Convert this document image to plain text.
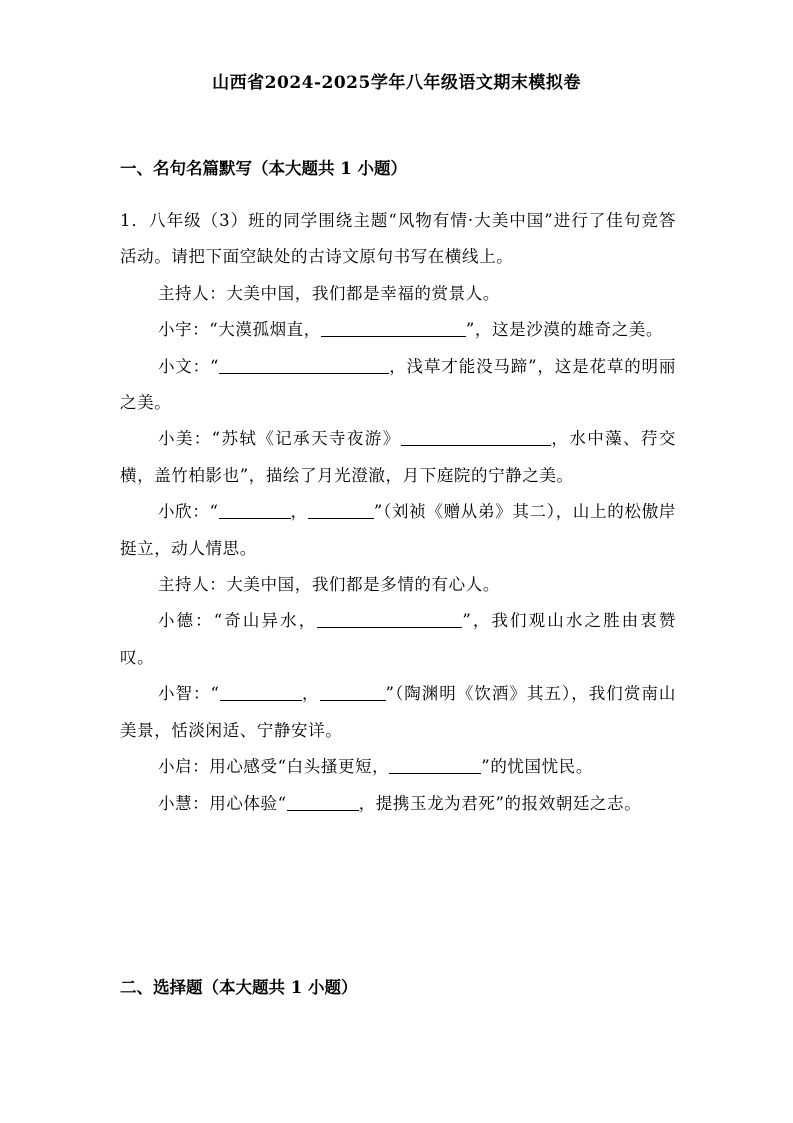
山西省2024-2025学年八年级语文期末模拟卷
一、名句名篇默写（本大题共 1 小题）

1．八年级（3）班的同学围绕主题“风物有情·大美中国”进行了佳句竞答活动。请把下面空缺处的古诗文原句书写在横线上。

主持人：大美中国，我们都是幸福的赏景人。

小宇：“大漠孤烟直，	”，这是沙漠的雄奇之美。

小文：“	，浅草才能没马蹄”，这是花草的明丽之美。

小美：“苏轼《记承天寺夜游》	，水中藻、荇交横，盖竹柏影也”，描绘了月光澄澈，月下庭院的宁静之美。

小欣：“	，	”（刘祯《赠从弟》其二），山上的松傲岸挺立，动人情思。

主持人：大美中国，我们都是多情的有心人。

小德：“奇山异水，	”，我们观山水之胜由衷赞叹。

小智：“	，	”（陶渊明《饮酒》其五），我们赏南山美景，恬淡闲适、宁静安详。

小启：用心感受“白头搔更短，	”的忧国忧民。

小慧：用心体验“	，提携玉龙为君死”的报效朝廷之志。

二、选择题（本大题共 1 小题）
